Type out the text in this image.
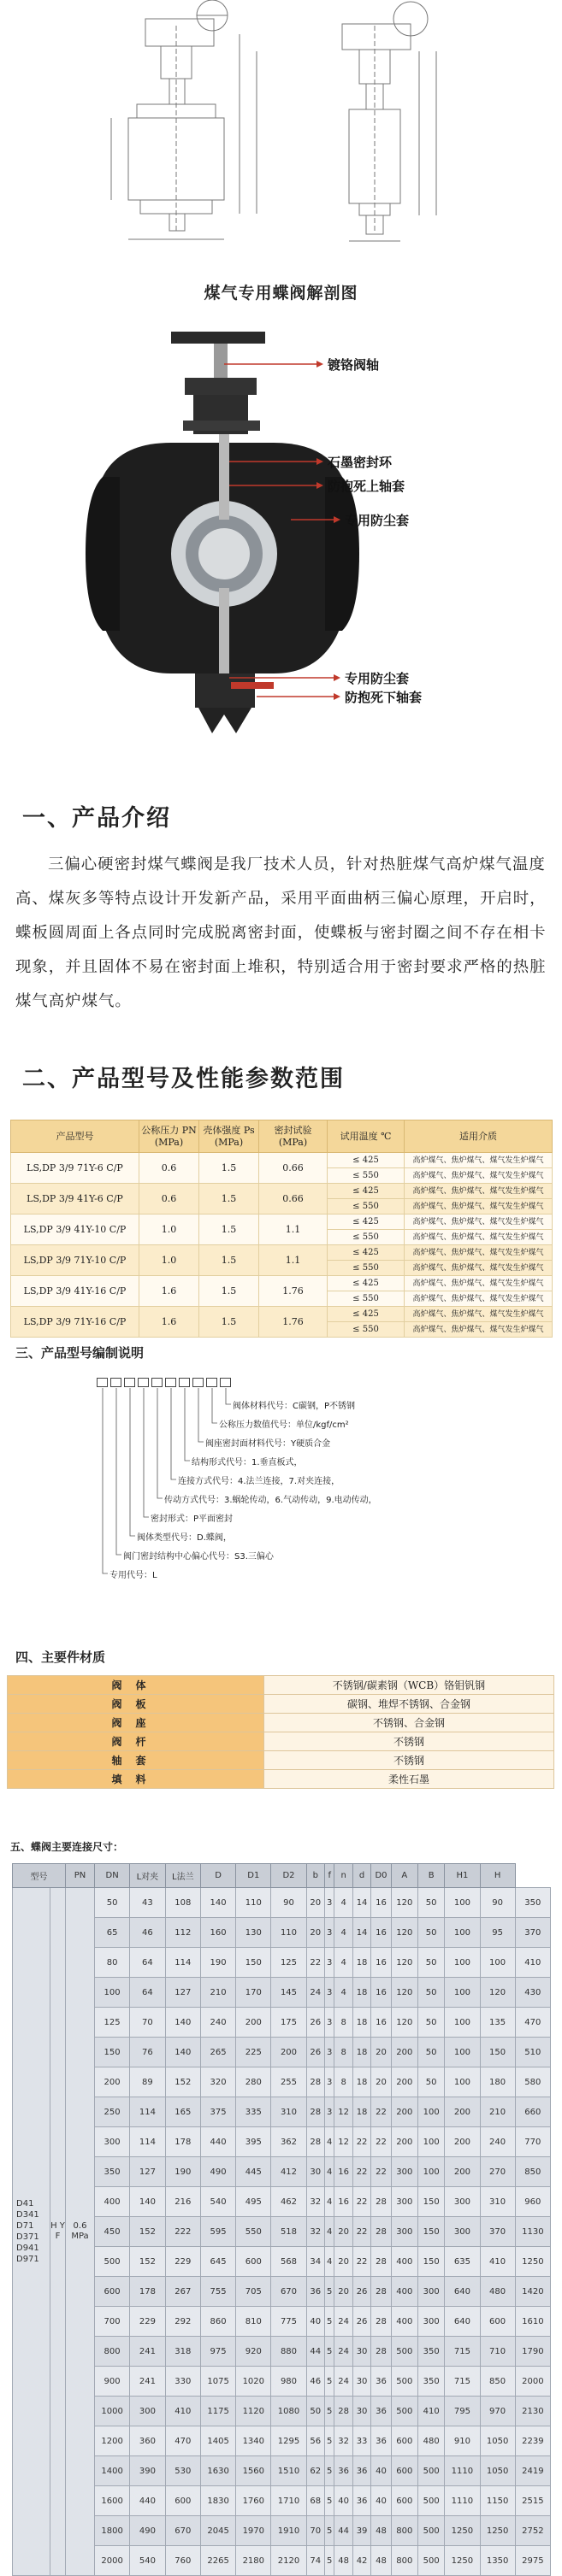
煤气专用蝶阀解剖图
镀铬阀轴
石墨密封环
防抱死上轴套
专用防尘套
专用防尘套
防抱死下轴套
一、产品介绍
三偏心硬密封煤气蝶阀是我厂技术人员，针对热脏煤气高炉煤气温度高、煤灰多等特点设计开发新产品，采用平面曲柄三偏心原理，开启时，蝶板圆周面上各点同时完成脱离密封面，使蝶板与密封圈之间不存在相卡现象，并且固体不易在密封面上堆积，特别适合用于密封要求严格的热脏煤气高炉煤气。
二、产品型号及性能参数范围
产品型号	公称压力 PN (MPa)	壳体强度 Ps (MPa)	密封试验 (MPa)	试用温度 ℃	适用介质
LS,DP 3/9 71Y-6 C/P	0.6	1.5	0.66	≤ 425	高炉煤气、焦炉煤气、煤气发生炉煤气
				≤ 550	高炉煤气、焦炉煤气、煤气发生炉煤气
LS,DP 3/9 41Y-6 C/P	0.6	1.5	0.66	≤ 425	高炉煤气、焦炉煤气、煤气发生炉煤气
				≤ 550	高炉煤气、焦炉煤气、煤气发生炉煤气
LS,DP 3/9 41Y-10 C/P	1.0	1.5	1.1	≤ 425	高炉煤气、焦炉煤气、煤气发生炉煤气
				≤ 550	高炉煤气、焦炉煤气、煤气发生炉煤气
LS,DP 3/9 71Y-10 C/P	1.0	1.5	1.1	≤ 425	高炉煤气、焦炉煤气、煤气发生炉煤气
				≤ 550	高炉煤气、焦炉煤气、煤气发生炉煤气
LS,DP 3/9 41Y-16 C/P	1.6	1.5	1.76	≤ 425	高炉煤气、焦炉煤气、煤气发生炉煤气
				≤ 550	高炉煤气、焦炉煤气、煤气发生炉煤气
LS,DP 3/9 71Y-16 C/P	1.6	1.5	1.76	≤ 425	高炉煤气、焦炉煤气、煤气发生炉煤气
				≤ 550	高炉煤气、焦炉煤气、煤气发生炉煤气
三、产品型号编制说明
阀体材料代号：C碳钢，P不锈钢
公称压力数值代号：单位/kgf/cm²
阀座密封面材料代号：Y硬质合金
结构形式代号：1.垂直板式，
连接方式代号：4.法兰连接，7.对夹连接，
传动方式代号：3.蜗轮传动，6.气动传动，9.电动传动，
密封形式：P平面密封
阀体类型代号：D.蝶阀，
阀门密封结构中心偏心代号：S3.三偏心
专用代号：L
四、主要件材质
阀体	不锈钢/碳素钢（WCB）铬钼钒钢
阀板	碳钢、堆焊不锈钢、合金钢
阀座	不锈钢、合金钢
阀杆	不锈钢
轴套	不锈钢
填料	柔性石墨
五、蝶阀主要连接尺寸：
型号		PN	DN	L对夹	L法兰	D	D1	D2	b	f	n	d	D0	A	B	H1	H	
D41 D341 D71 D371 D941 D971	H Y F	0.6 MPa	50	43	108	140	110	90	20	3	4	14	16	120	50	100	90	350
			65	46	112	160	130	110	20	3	4	14	16	120	50	100	95	370
			80	64	114	190	150	125	22	3	4	18	16	120	50	100	100	410
			100	64	127	210	170	145	24	3	4	18	16	120	50	100	120	430
			125	70	140	240	200	175	26	3	8	18	16	120	50	100	135	470
			150	76	140	265	225	200	26	3	8	18	20	200	50	100	150	510
			200	89	152	320	280	255	28	3	8	18	20	200	50	100	180	580
			250	114	165	375	335	310	28	3	12	18	22	200	100	200	210	660
			300	114	178	440	395	362	28	4	12	22	22	200	100	200	240	770
			350	127	190	490	445	412	30	4	16	22	22	300	100	200	270	850
			400	140	216	540	495	462	32	4	16	22	28	300	150	300	310	960
			450	152	222	595	550	518	32	4	20	22	28	300	150	300	370	1130
			500	152	229	645	600	568	34	4	20	22	28	400	150	635	410	1250
			600	178	267	755	705	670	36	5	20	26	28	400	300	640	480	1420
			700	229	292	860	810	775	40	5	24	26	28	400	300	640	600	1610
			800	241	318	975	920	880	44	5	24	30	28	500	350	715	710	1790
			900	241	330	1075	1020	980	46	5	24	30	36	500	350	715	850	2000
			1000	300	410	1175	1120	1080	50	5	28	30	36	500	410	795	970	2130
			1200	360	470	1405	1340	1295	56	5	32	33	36	600	480	910	1050	2239
			1400	390	530	1630	1560	1510	62	5	36	36	40	600	500	1110	1050	2419
			1600	440	600	1830	1760	1710	68	5	40	36	40	600	500	1110	1150	2515
			1800	490	670	2045	1970	1910	70	5	44	39	48	800	500	1250	1250	2752
			2000	540	760	2265	2180	2120	74	5	48	42	48	800	500	1250	1350	2975
